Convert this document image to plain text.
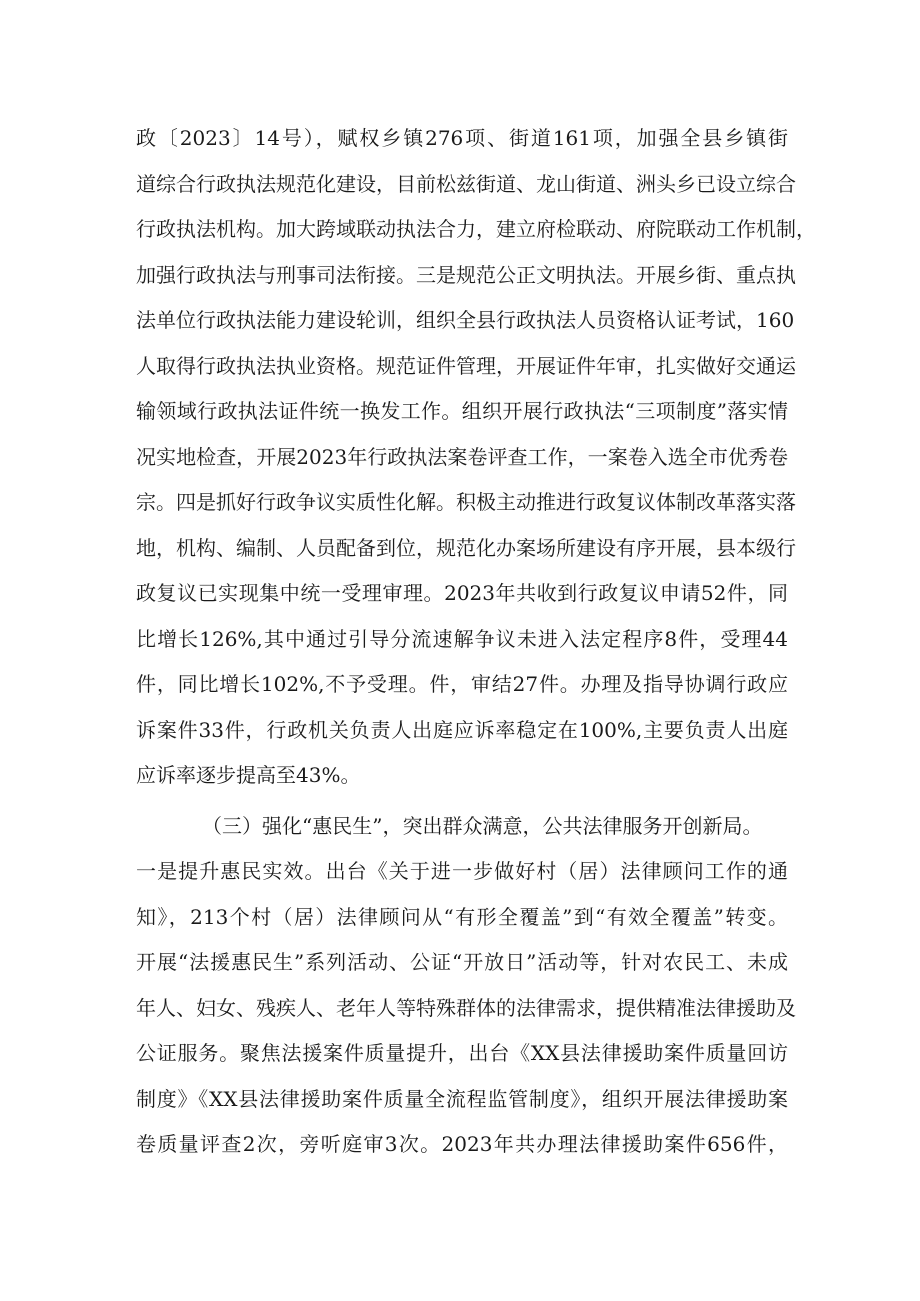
政〔2023〕14号），赋权乡镇276项、街道161项，加强全县乡镇街
道综合行政执法规范化建设，目前松兹街道、龙山街道、洲头乡已设立综合
行政执法机构。加大跨域联动执法合力，建立府检联动、府院联动工作机制，
加强行政执法与刑事司法衔接。三是规范公正文明执法。开展乡街、重点执
法单位行政执法能力建设轮训，组织全县行政执法人员资格认证考试，160
人取得行政执法执业资格。规范证件管理，开展证件年审，扎实做好交通运
输领域行政执法证件统一换发工作。组织开展行政执法“三项制度”落实情
况实地检查，开展2023年行政执法案卷评查工作，一案卷入选全市优秀卷
宗。四是抓好行政争议实质性化解。积极主动推进行政复议体制改革落实落
地，机构、编制、人员配备到位，规范化办案场所建设有序开展，县本级行
政复议已实现集中统一受理审理。2023年共收到行政复议申请52件，同
比增长126%,其中通过引导分流速解争议未进入法定程序8件，受理44
件，同比增长102%,不予受理。件，审结27件。办理及指导协调行政应
诉案件33件，行政机关负责人出庭应诉率稳定在100%,主要负责人出庭
应诉率逐步提高至43%。
（三）强化“惠民生”，突出群众满意，公共法律服务开创新局。
一是提升惠民实效。出台《关于进一步做好村（居）法律顾问工作的通
知》，213个村（居）法律顾问从“有形全覆盖”到“有效全覆盖”转变。
开展“法援惠民生”系列活动、公证“开放日”活动等，针对农民工、未成
年人、妇女、残疾人、老年人等特殊群体的法律需求，提供精准法律援助及
公证服务。聚焦法援案件质量提升，出台《XX县法律援助案件质量回访
制度》《XX县法律援助案件质量全流程监管制度》，组织开展法律援助案
卷质量评查2次，旁听庭审3次。2023年共办理法律援助案件656件，
